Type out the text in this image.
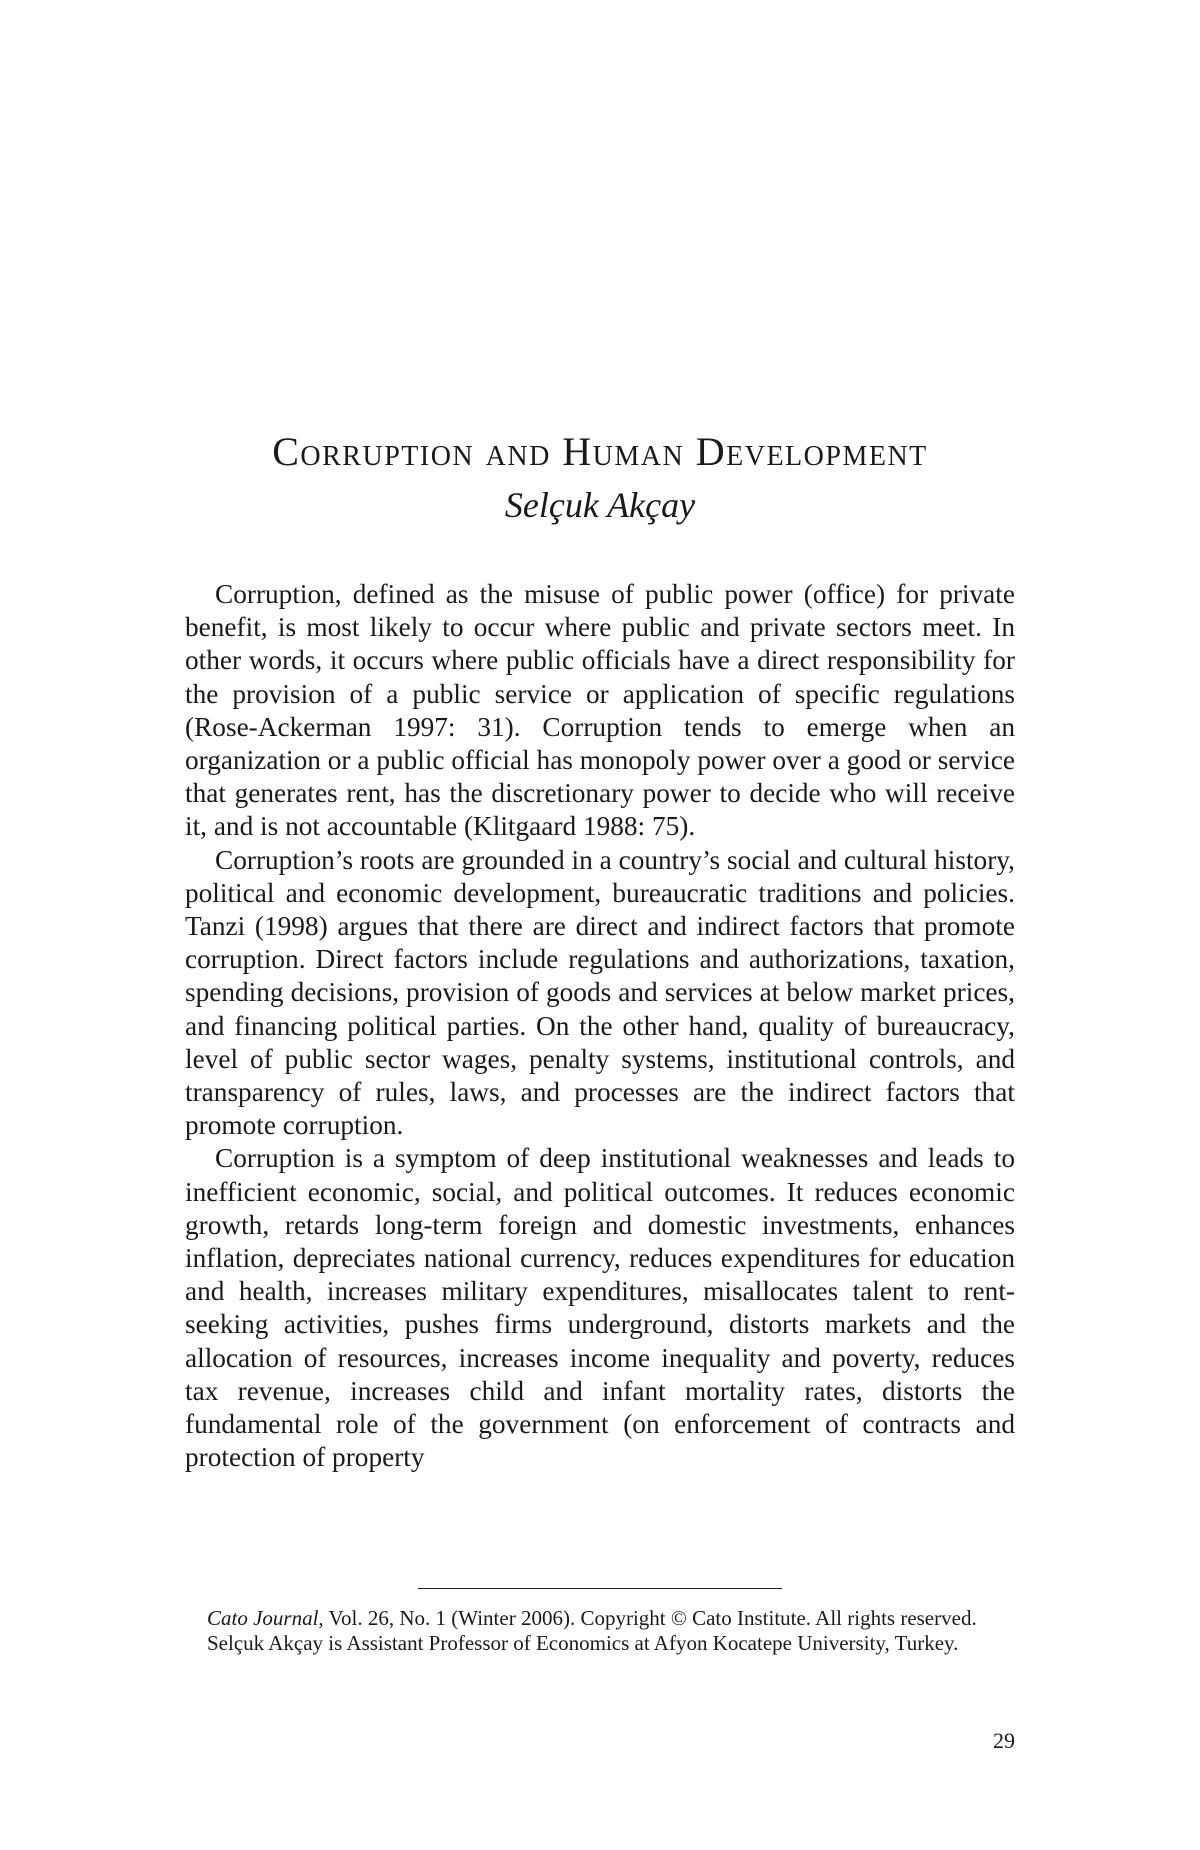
Corruption and Human Development
Selçuk Akçay

Corruption, defined as the misuse of public power (office) for private benefit, is most likely to occur where public and private sectors meet. In other words, it occurs where public officials have a direct responsibility for the provision of a public service or application of specific regulations (Rose-Ackerman 1997: 31). Corruption tends to emerge when an organization or a public official has monopoly power over a good or service that generates rent, has the discretionary power to decide who will receive it, and is not accountable (Klitgaard 1988: 75).

Corruption’s roots are grounded in a country’s social and cultural history, political and economic development, bureaucratic traditions and policies. Tanzi (1998) argues that there are direct and indirect factors that promote corruption. Direct factors include regulations and authorizations, taxation, spending decisions, provision of goods and services at below market prices, and financing political parties. On the other hand, quality of bureaucracy, level of public sector wages, penalty systems, institutional controls, and transparency of rules, laws, and processes are the indirect factors that promote corruption.

Corruption is a symptom of deep institutional weaknesses and leads to inefficient economic, social, and political outcomes. It reduces economic growth, retards long-term foreign and domestic investments, enhances inflation, depreciates national currency, reduces expenditures for education and health, increases military expenditures, misallocates talent to rent-seeking activities, pushes firms underground, distorts markets and the allocation of resources, increases income inequality and poverty, reduces tax revenue, increases child and infant mortality rates, distorts the fundamental role of the government (on enforcement of contracts and protection of property

Cato Journal, Vol. 26, No. 1 (Winter 2006). Copyright © Cato Institute. All rights reserved.

Selçuk Akçay is Assistant Professor of Economics at Afyon Kocatepe University, Turkey.

29
